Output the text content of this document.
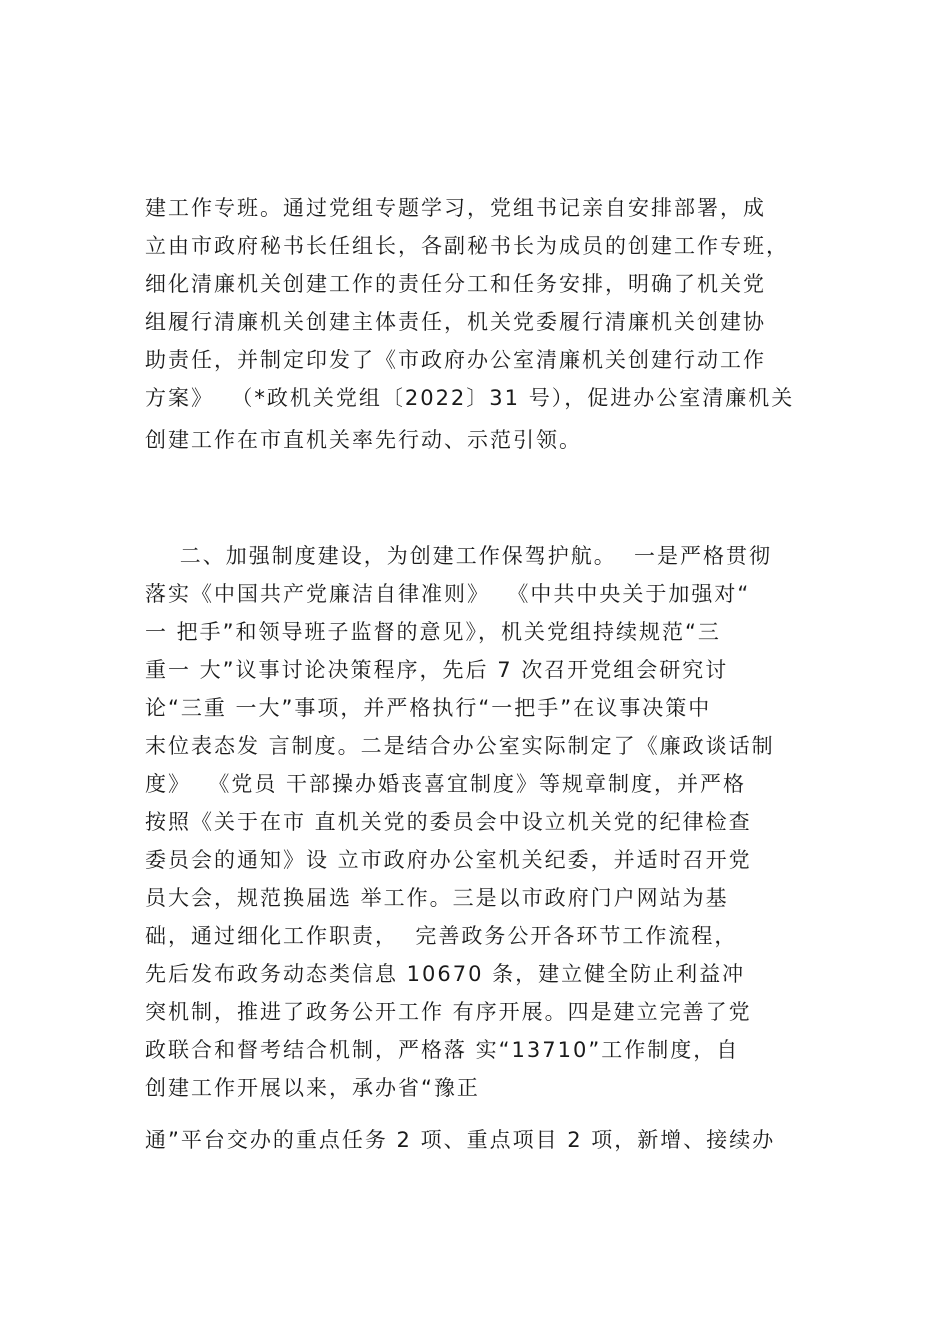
建工作专班。通过党组专题学习，党组书记亲自安排部署，成

立由市政府秘书长任组长，各副秘书长为成员的创建工作专班，

细化清廉机关创建工作的责任分工和任务安排，明确了机关党

组履行清廉机关创建主体责任，机关党委履行清廉机关创建协

助责任，并制定印发了《市政府办公室清廉机关创建行动工作

方案》  （*政机关党组〔2022〕31 号），促进办公室清廉机关

创建工作在市直机关率先行动、示范引领。

二、加强制度建设，为创建工作保驾护航。  一是严格贯彻

落实《中国共产党廉洁自律准则》  《中共中央关于加强对“

一 把手”和领导班子监督的意见》，机关党组持续规范“三

重一 大”议事讨论决策程序，先后 7 次召开党组会研究讨

论“三重 一大”事项，并严格执行“一把手”在议事决策中

末位表态发 言制度。二是结合办公室实际制定了《廉政谈话制

度》  《党员 干部操办婚丧喜宜制度》等规章制度，并严格

按照《关于在市 直机关党的委员会中设立机关党的纪律检查

委员会的通知》设 立市政府办公室机关纪委，并适时召开党

员大会，规范换届选 举工作。三是以市政府门户网站为基

础，通过细化工作职责，  完善政务公开各环节工作流程，

先后发布政务动态类信息 10670 条，建立健全防止利益冲

突机制，推进了政务公开工作 有序开展。四是建立完善了党

政联合和督考结合机制，严格落 实“13710”工作制度，自

创建工作开展以来，承办省“豫正

通”平台交办的重点任务 2 项、重点项目 2 项，新增、接续办
